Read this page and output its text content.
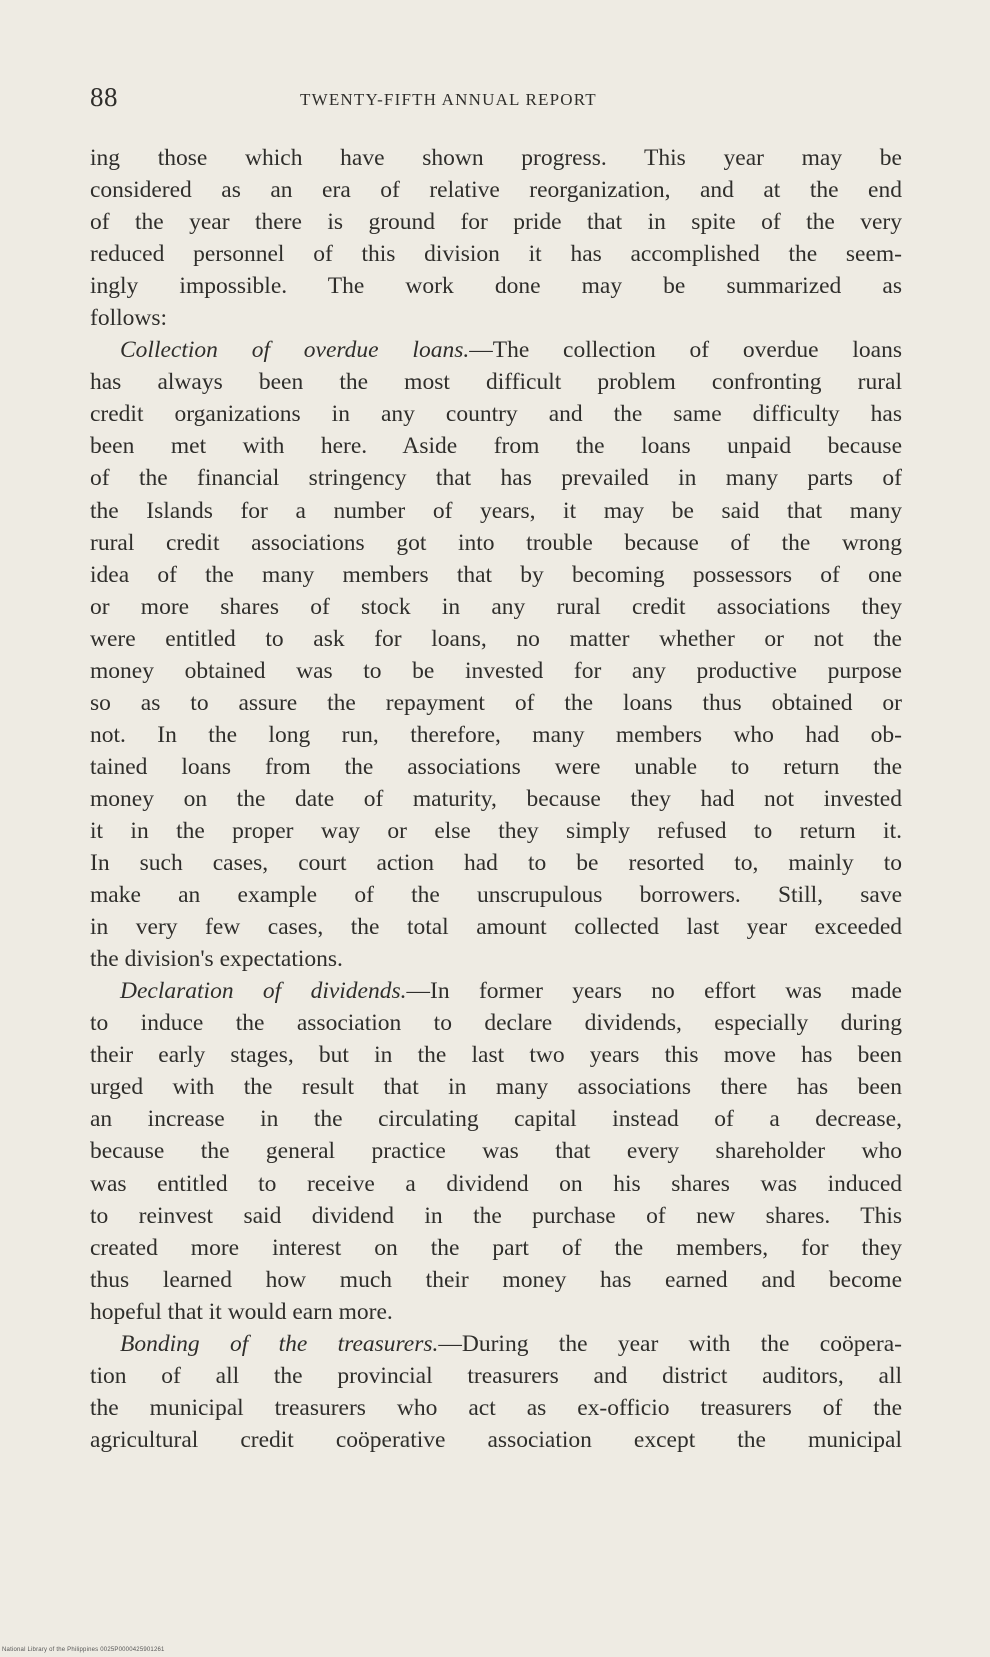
88	TWENTY-FIFTH ANNUAL REPORT
ing those which have shown progress. This year may be
considered as an era of relative reorganization, and at the end
of the year there is ground for pride that in spite of the very
reduced personnel of this division it has accomplished the seem-
ingly impossible. The work done may be summarized as
follows:
Collection of overdue loans.—The collection of overdue loans
has always been the most difficult problem confronting rural
credit organizations in any country and the same difficulty has
been met with here. Aside from the loans unpaid because
of the financial stringency that has prevailed in many parts of
the Islands for a number of years, it may be said that many
rural credit associations got into trouble because of the wrong
idea of the many members that by becoming possessors of one
or more shares of stock in any rural credit associations they
were entitled to ask for loans, no matter whether or not the
money obtained was to be invested for any productive purpose
so as to assure the repayment of the loans thus obtained or
not. In the long run, therefore, many members who had ob-
tained loans from the associations were unable to return the
money on the date of maturity, because they had not invested
it in the proper way or else they simply refused to return it.
In such cases, court action had to be resorted to, mainly to
make an example of the unscrupulous borrowers. Still, save
in very few cases, the total amount collected last year exceeded
the division's expectations.
Declaration of dividends.—In former years no effort was made
to induce the association to declare dividends, especially during
their early stages, but in the last two years this move has been
urged with the result that in many associations there has been
an increase in the circulating capital instead of a decrease,
because the general practice was that every shareholder who
was entitled to receive a dividend on his shares was induced
to reinvest said dividend in the purchase of new shares. This
created more interest on the part of the members, for they
thus learned how much their money has earned and become
hopeful that it would earn more.
Bonding of the treasurers.—During the year with the coöpera-
tion of all the provincial treasurers and district auditors, all
the municipal treasurers who act as ex-officio treasurers of the
agricultural credit coöperative association except the municipal
National Library of the Philippines 0025P0000425901261
